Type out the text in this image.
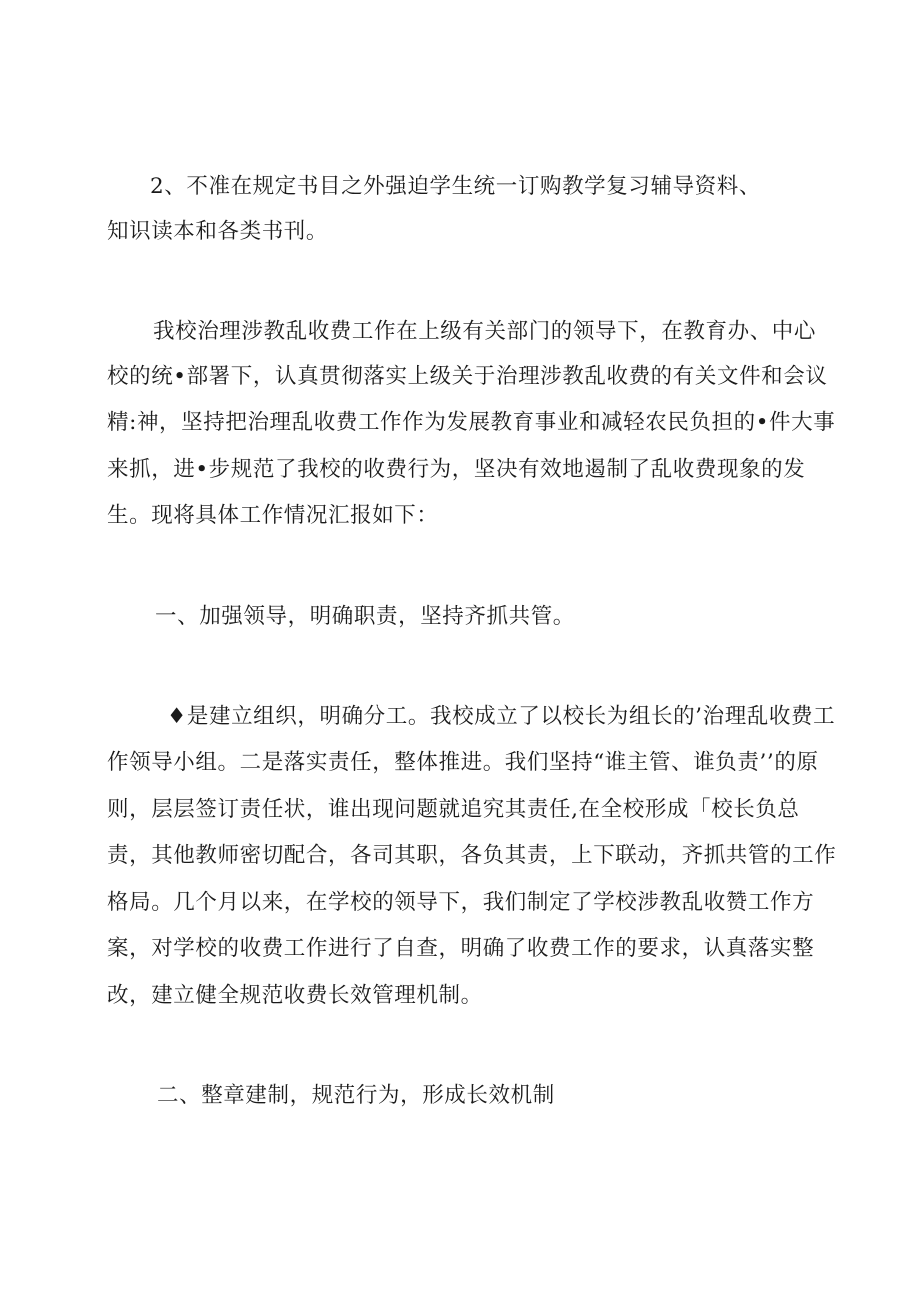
2、不准在规定书目之外强迫学生统一订购教学复习辅导资料、
知识读本和各类书刊。
我校治理涉教乱收费工作在上级有关部门的领导下，在教育办、中心
校的统•部署下，认真贯彻落实上级关于治理涉教乱收费的有关文件和会议
精:神，坚持把治理乱收费工作作为发展教育事业和减轻农民负担的•件大事
来抓，进•步规范了我校的收费行为，坚决有效地遏制了乱收费现象的发
生。现将具体工作情况汇报如下：
一、加强领导，明确职责，坚持齐抓共管。
♦是建立组织，明确分工。我校成立了以校长为组长的’治理乱收费工
作领导小组。二是落实责任，整体推进。我们坚持“谁主管、谁负责’’的原
则，层层签订责任状，谁出现问题就追究其责任,在全校形成「校长负总
责，其他教师密切配合，各司其职，各负其责，上下联动，齐抓共管的工作
格局。几个月以来，在学校的领导下，我们制定了学校涉教乱收赞工作方
案，对学校的收费工作进行了自查，明确了收费工作的要求，认真落实整
改，建立健全规范收费长效管理机制。
二、整章建制，规范行为，形成长效机制
